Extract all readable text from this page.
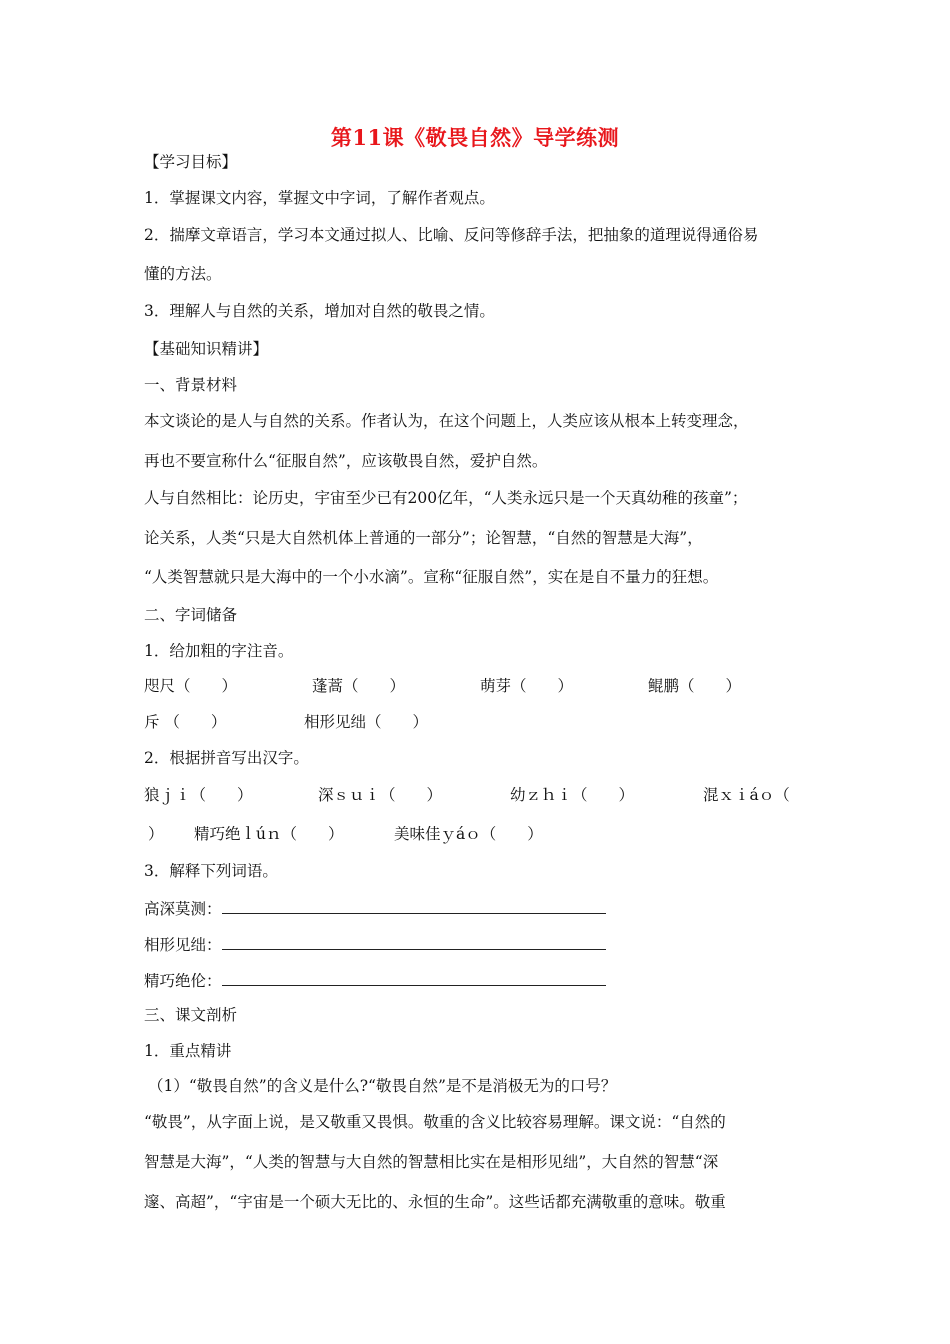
第11课《敬畏自然》导学练测
【学习目标】
1．掌握课文内容，掌握文中字词，了解作者观点。
2．揣摩文章语言，学习本文通过拟人、比喻、反问等修辞手法，把抽象的道理说得通俗易
懂的方法。
3．理解人与自然的关系，增加对自然的敬畏之情。
【基础知识精讲】
一、背景材料
本文谈论的是人与自然的关系。作者认为，在这个问题上，人类应该从根本上转变理念，
再也不要宣称什么“征服自然”，应该敬畏自然，爱护自然。
人与自然相比：论历史，宇宙至少已有200亿年，“人类永远只是一个天真幼稚的孩童”；
论关系，人类“只是大自然机体上普通的一部分”；论智慧，“自然的智慧是大海”，
“人类智慧就只是大海中的一个小水滴”。宣称“征服自然”，实在是自不量力的狂想。
二、字词储备
1．给加粗的字注音。
咫尺（　　）	蓬蒿（　　）	萌芽（　　）	鲲鹏（　　）
斥 （　　）	相形见绌（　　）
2．根据拼音写出汉字。
狼ｊｉ（　　）	深ｓｕｉ（　　）	幼ｚｈｉ（　　）	混ｘｉáｏ（
） 精巧绝ｌúｎ（　　）	美味佳ｙáｏ（　　）
3．解释下列词语。
高深莫测：
相形见绌：
精巧绝伦：
三、课文剖析
1．重点精讲
（1）“敬畏自然”的含义是什么?“敬畏自然”是不是消极无为的口号？
“敬畏”，从字面上说，是又敬重又畏惧。敬重的含义比较容易理解。课文说：“自然的
智慧是大海”，“人类的智慧与大自然的智慧相比实在是相形见绌”，大自然的智慧“深
邃、高超”，“宇宙是一个硕大无比的、永恒的生命”。这些话都充满敬重的意味。敬重
